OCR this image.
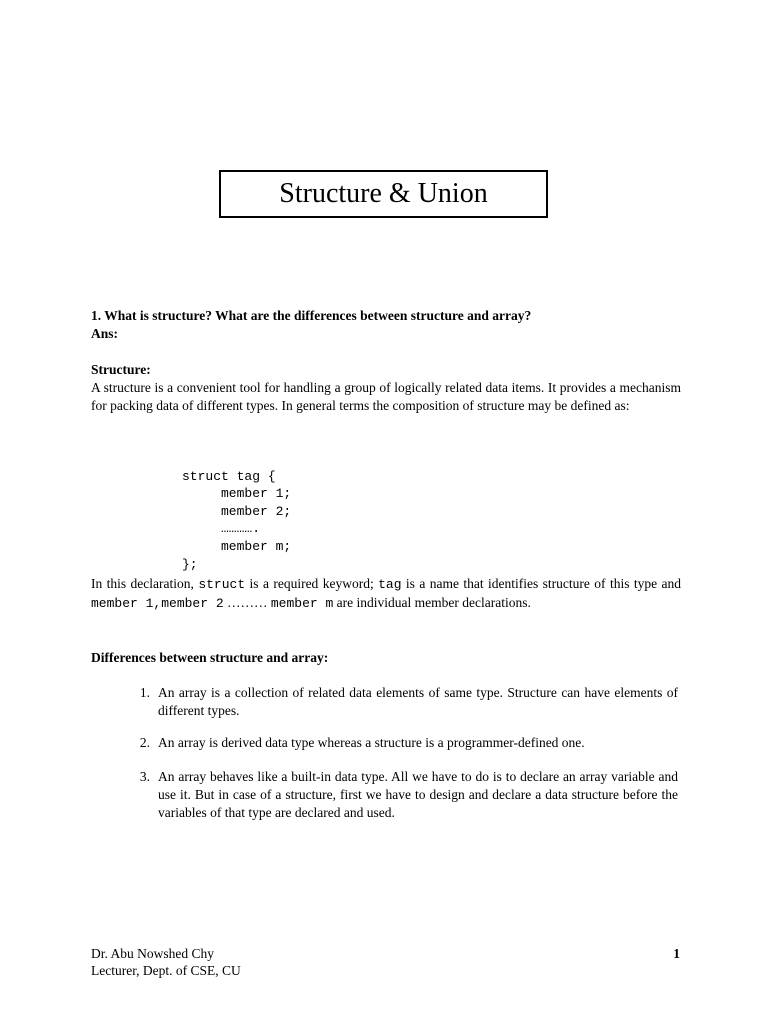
Structure & Union
1. What is structure? What are the differences between structure and array?
Ans:
Structure:
A structure is a convenient tool for handling a group of logically related data items. It provides a mechanism for packing data of different types. In general terms the composition of structure may be defined as:

struct tag {
member 1;
member 2;
………….
member m;
};

In this declaration, struct is a required keyword; tag is a name that identifies structure of this type and member 1,member 2 ……… member m are individual member declarations.
Differences between structure and array:
1. An array is a collection of related data elements of same type. Structure can have elements of different types.
2. An array is derived data type whereas a structure is a programmer-defined one.
3. An array behaves like a built-in data type. All we have to do is to declare an array variable and use it. But in case of a structure, first we have to design and declare a data structure before the variables of that type are declared and used.
Dr. Abu Nowshed Chy
Lecturer, Dept. of CSE, CU
1
